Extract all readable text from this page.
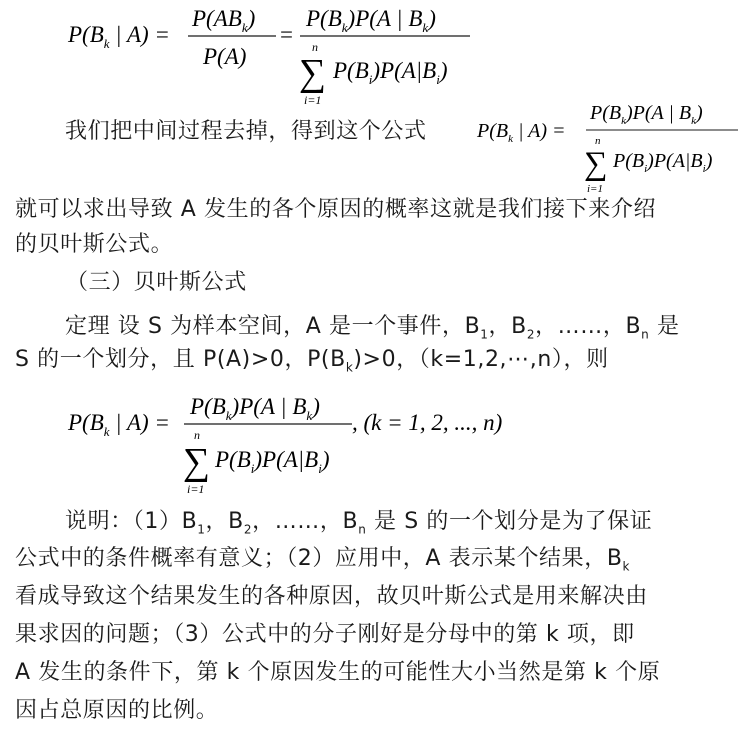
$P(B_k$ | A) =
$P(AB_k)$
P(A)
=
$P(B_k)P(A$ | $B_k$)
n
∑
i=1
$P(B_i)P(A|B_i)$
我们把中间过程去掉，得到这个公式	$P(B_k$ | A) =
$P(B_k)P(A$ | $B_k$)
n
∑
i=1
$P(B_i)P(A|B_i)$
就可以求出导致 A 发生的各个原因的概率这就是我们接下来介绍
的贝叶斯公式。
（三）贝叶斯公式
定理 设 S 为样本空间，A 是一个事件，$B_1$，$B_2$，……，$B_n$ 是
S 的一个划分，且 P(A)>0，$P(B_k)>0$，（k=1,2,⋯,n），则
$P(B_k$ | A) =
$P(B_k)P(A$ | $B_k$)
, (k = 1, 2, ..., n)
n
∑
i=1
$P(B_i)P(A|B_i)$
说明：$(1)B_1$，$B_2$，……，$B_n$ 是 S 的一个划分是为了保证
公式中的条件概率有意义；（2）应用中，A 表示某个结果，$B_k$
看成导致这个结果发生的各种原因，故贝叶斯公式是用来解决由
果求因的问题；（3）公式中的分子刚好是分母中的第 k 项，即
A 发生的条件下，第 k 个原因发生的可能性大小当然是第 k 个原
因占总原因的比例。
